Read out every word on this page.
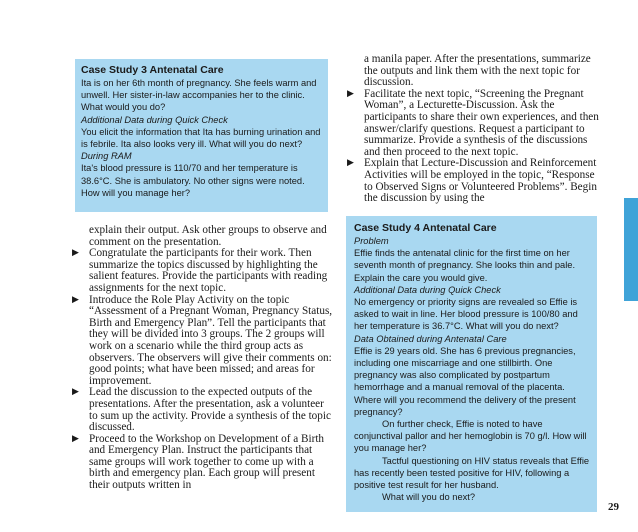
Case Study 3 Antenatal Care

Ita is on her 6th month of pregnancy. She feels warm and unwell. Her sister-in-law accompanies her to the clinic. What would you do?

Additional Data during Quick Check

You elicit the information that Ita has burning urination and is febrile. Ita also looks very ill. What will you do next?

During RAM

Ita's blood pressure is 110/70 and her temperature is 38.6°C. She is ambulatory. No other signs were noted. How will you manage her?

explain their output. Ask other groups to observe and comment on the presentation.

▶ Congratulate the participants for their work. Then summarize the topics discussed by highlighting the salient features. Provide the participants with reading assignments for the next topic.

▶ Introduce the Role Play Activity on the topic “Assessment of a Pregnant Woman, Pregnancy Status, Birth and Emergency Plan”. Tell the participants that they will be divided into 3 groups. The 2 groups will work on a scenario while the third group acts as observers. The observers will give their comments on: good points; what have been missed; and areas for improvement.

▶ Lead the discussion to the expected outputs of the presentations. After the presentation, ask a volunteer to sum up the activity. Provide a synthesis of the topic discussed.

▶ Proceed to the Workshop on Development of a Birth and Emergency Plan. Instruct the participants that same groups will work together to come up with a birth and emergency plan. Each group will present their outputs written in

a manila paper. After the presentations, summarize the outputs and link them with the next topic for discussion.

▶ Facilitate the next topic, “Screening the Pregnant Woman”, a Lecturette-Discussion. Ask the participants to share their own experiences, and then answer/clarify questions. Request a participant to summarize. Provide a synthesis of the discussions and then proceed to the next topic.

▶ Explain that Lecture-Discussion and Reinforcement Activities will be employed in the topic, “Response to Observed Signs or Volunteered Problems”. Begin the discussion by using the

Case Study 4 Antenatal Care

Problem

Effie finds the antenatal clinic for the first time on her seventh month of pregnancy. She looks thin and pale. Explain the care you would give.

Additional Data during Quick Check

No emergency or priority signs are revealed so Effie is asked to wait in line. Her blood pressure is 100/80 and her temperature is 36.7°C. What will you do next?

Data Obtained during Antenatal Care

Effie is 29 years old. She has 6 previous pregnancies, including one miscarriage and one stillbirth. One pregnancy was also complicated by postpartum hemorrhage and a manual removal of the placenta. Where will you recommend the delivery of the present pregnancy?

On further check, Effie is noted to have conjunctival pallor and her hemoglobin is 70 g/l. How will you manage her?

Tactful questioning on HIV status reveals that Effie has recently been tested positive for HIV, following a positive test result for her husband.

What will you do next?

29
